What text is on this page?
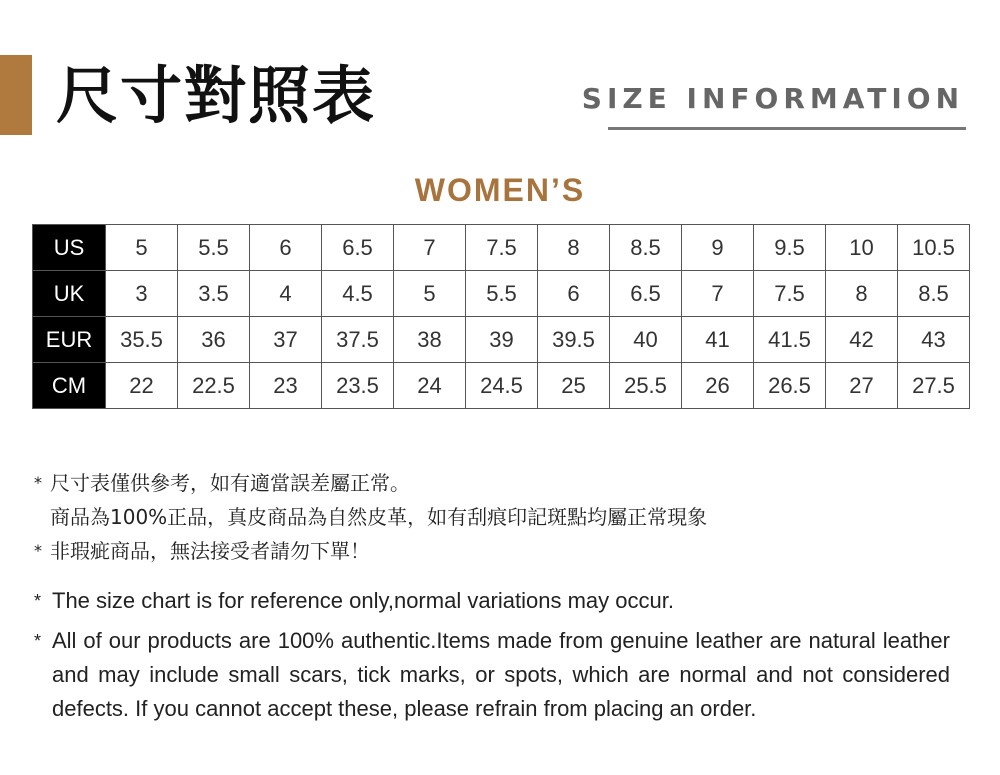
尺寸對照表	SIZE INFORMATION
WOMEN’S
US	5	5.5	6	6.5	7	7.5	8	8.5	9	9.5	10	10.5
UK	3	3.5	4	4.5	5	5.5	6	6.5	7	7.5	8	8.5
EUR	35.5	36	37	37.5	38	39	39.5	40	41	41.5	42	43
CM	22	22.5	23	23.5	24	24.5	25	25.5	26	26.5	27	27.5
* 尺寸表僅供參考，如有適當誤差屬正常。
商品為100%正品，真皮商品為自然皮革，如有刮痕印記斑點均屬正常現象
* 非瑕疵商品，無法接受者請勿下單！
* The size chart is for reference only,normal variations may occur.
* All of our products are 100% authentic.Items made from genuine leather are natural leather and may include small scars, tick marks, or spots, which are normal and not considered defects. If you cannot accept these, please refrain from placing an order.
